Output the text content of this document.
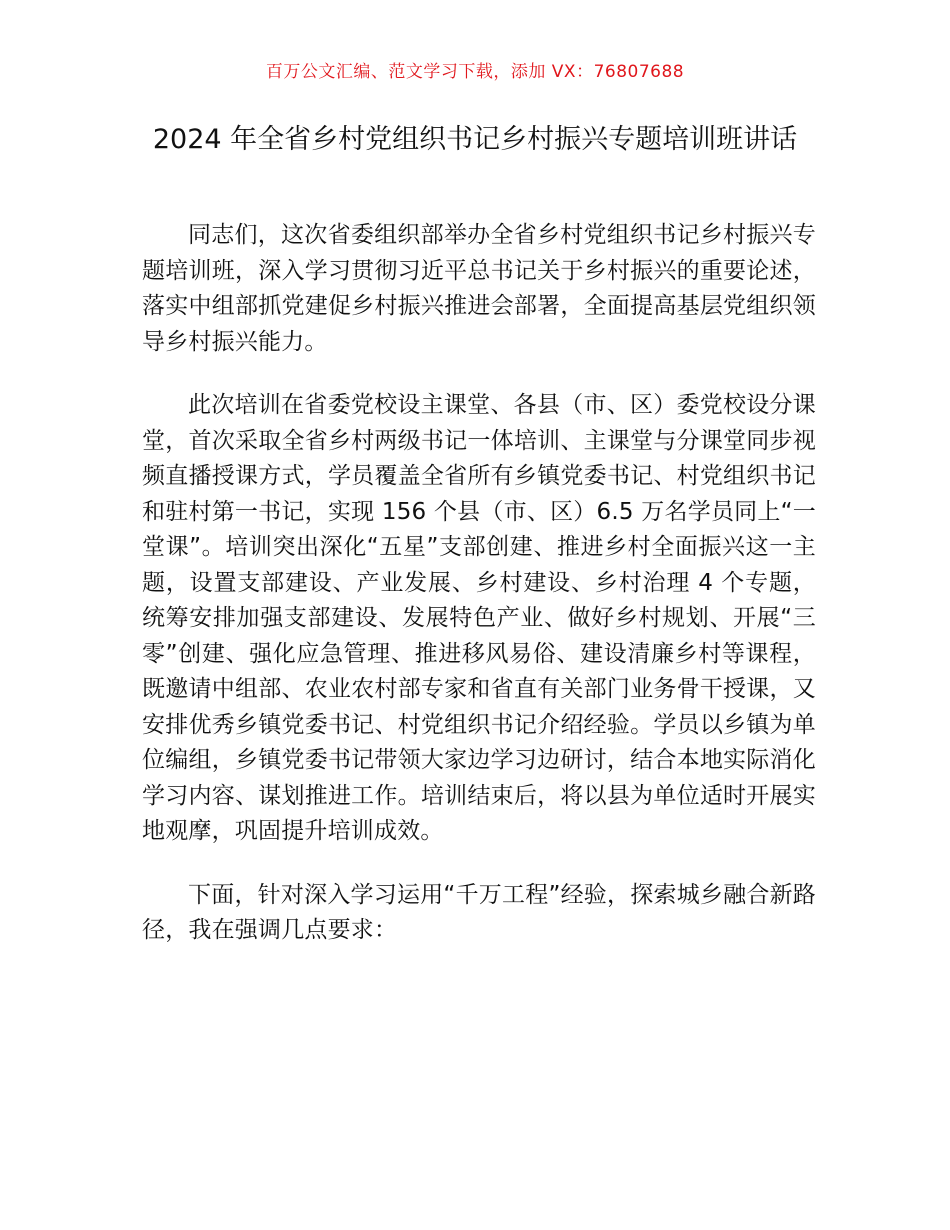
百万公文汇编、范文学习下载，添加 VX：76807688
2024 年全省乡村党组织书记乡村振兴专题培训班讲话

同志们，这次省委组织部举办全省乡村党组织书记乡村振兴专题培训班，深入学习贯彻习近平总书记关于乡村振兴的重要论述，落实中组部抓党建促乡村振兴推进会部署，全面提高基层党组织领导乡村振兴能力。

此次培训在省委党校设主课堂、各县（市、区）委党校设分课堂，首次采取全省乡村两级书记一体培训、主课堂与分课堂同步视频直播授课方式，学员覆盖全省所有乡镇党委书记、村党组织书记和驻村第一书记，实现 156 个县（市、区）6.5 万名学员同上“一堂课”。培训突出深化“五星”支部创建、推进乡村全面振兴这一主题，设置支部建设、产业发展、乡村建设、乡村治理 4 个专题，统筹安排加强支部建设、发展特色产业、做好乡村规划、开展“三零”创建、强化应急管理、推进移风易俗、建设清廉乡村等课程，既邀请中组部、农业农村部专家和省直有关部门业务骨干授课，又安排优秀乡镇党委书记、村党组织书记介绍经验。学员以乡镇为单位编组，乡镇党委书记带领大家边学习边研讨，结合本地实际消化学习内容、谋划推进工作。培训结束后，将以县为单位适时开展实地观摩，巩固提升培训成效。

下面，针对深入学习运用“千万工程”经验，探索城乡融合新路径，我在强调几点要求：
